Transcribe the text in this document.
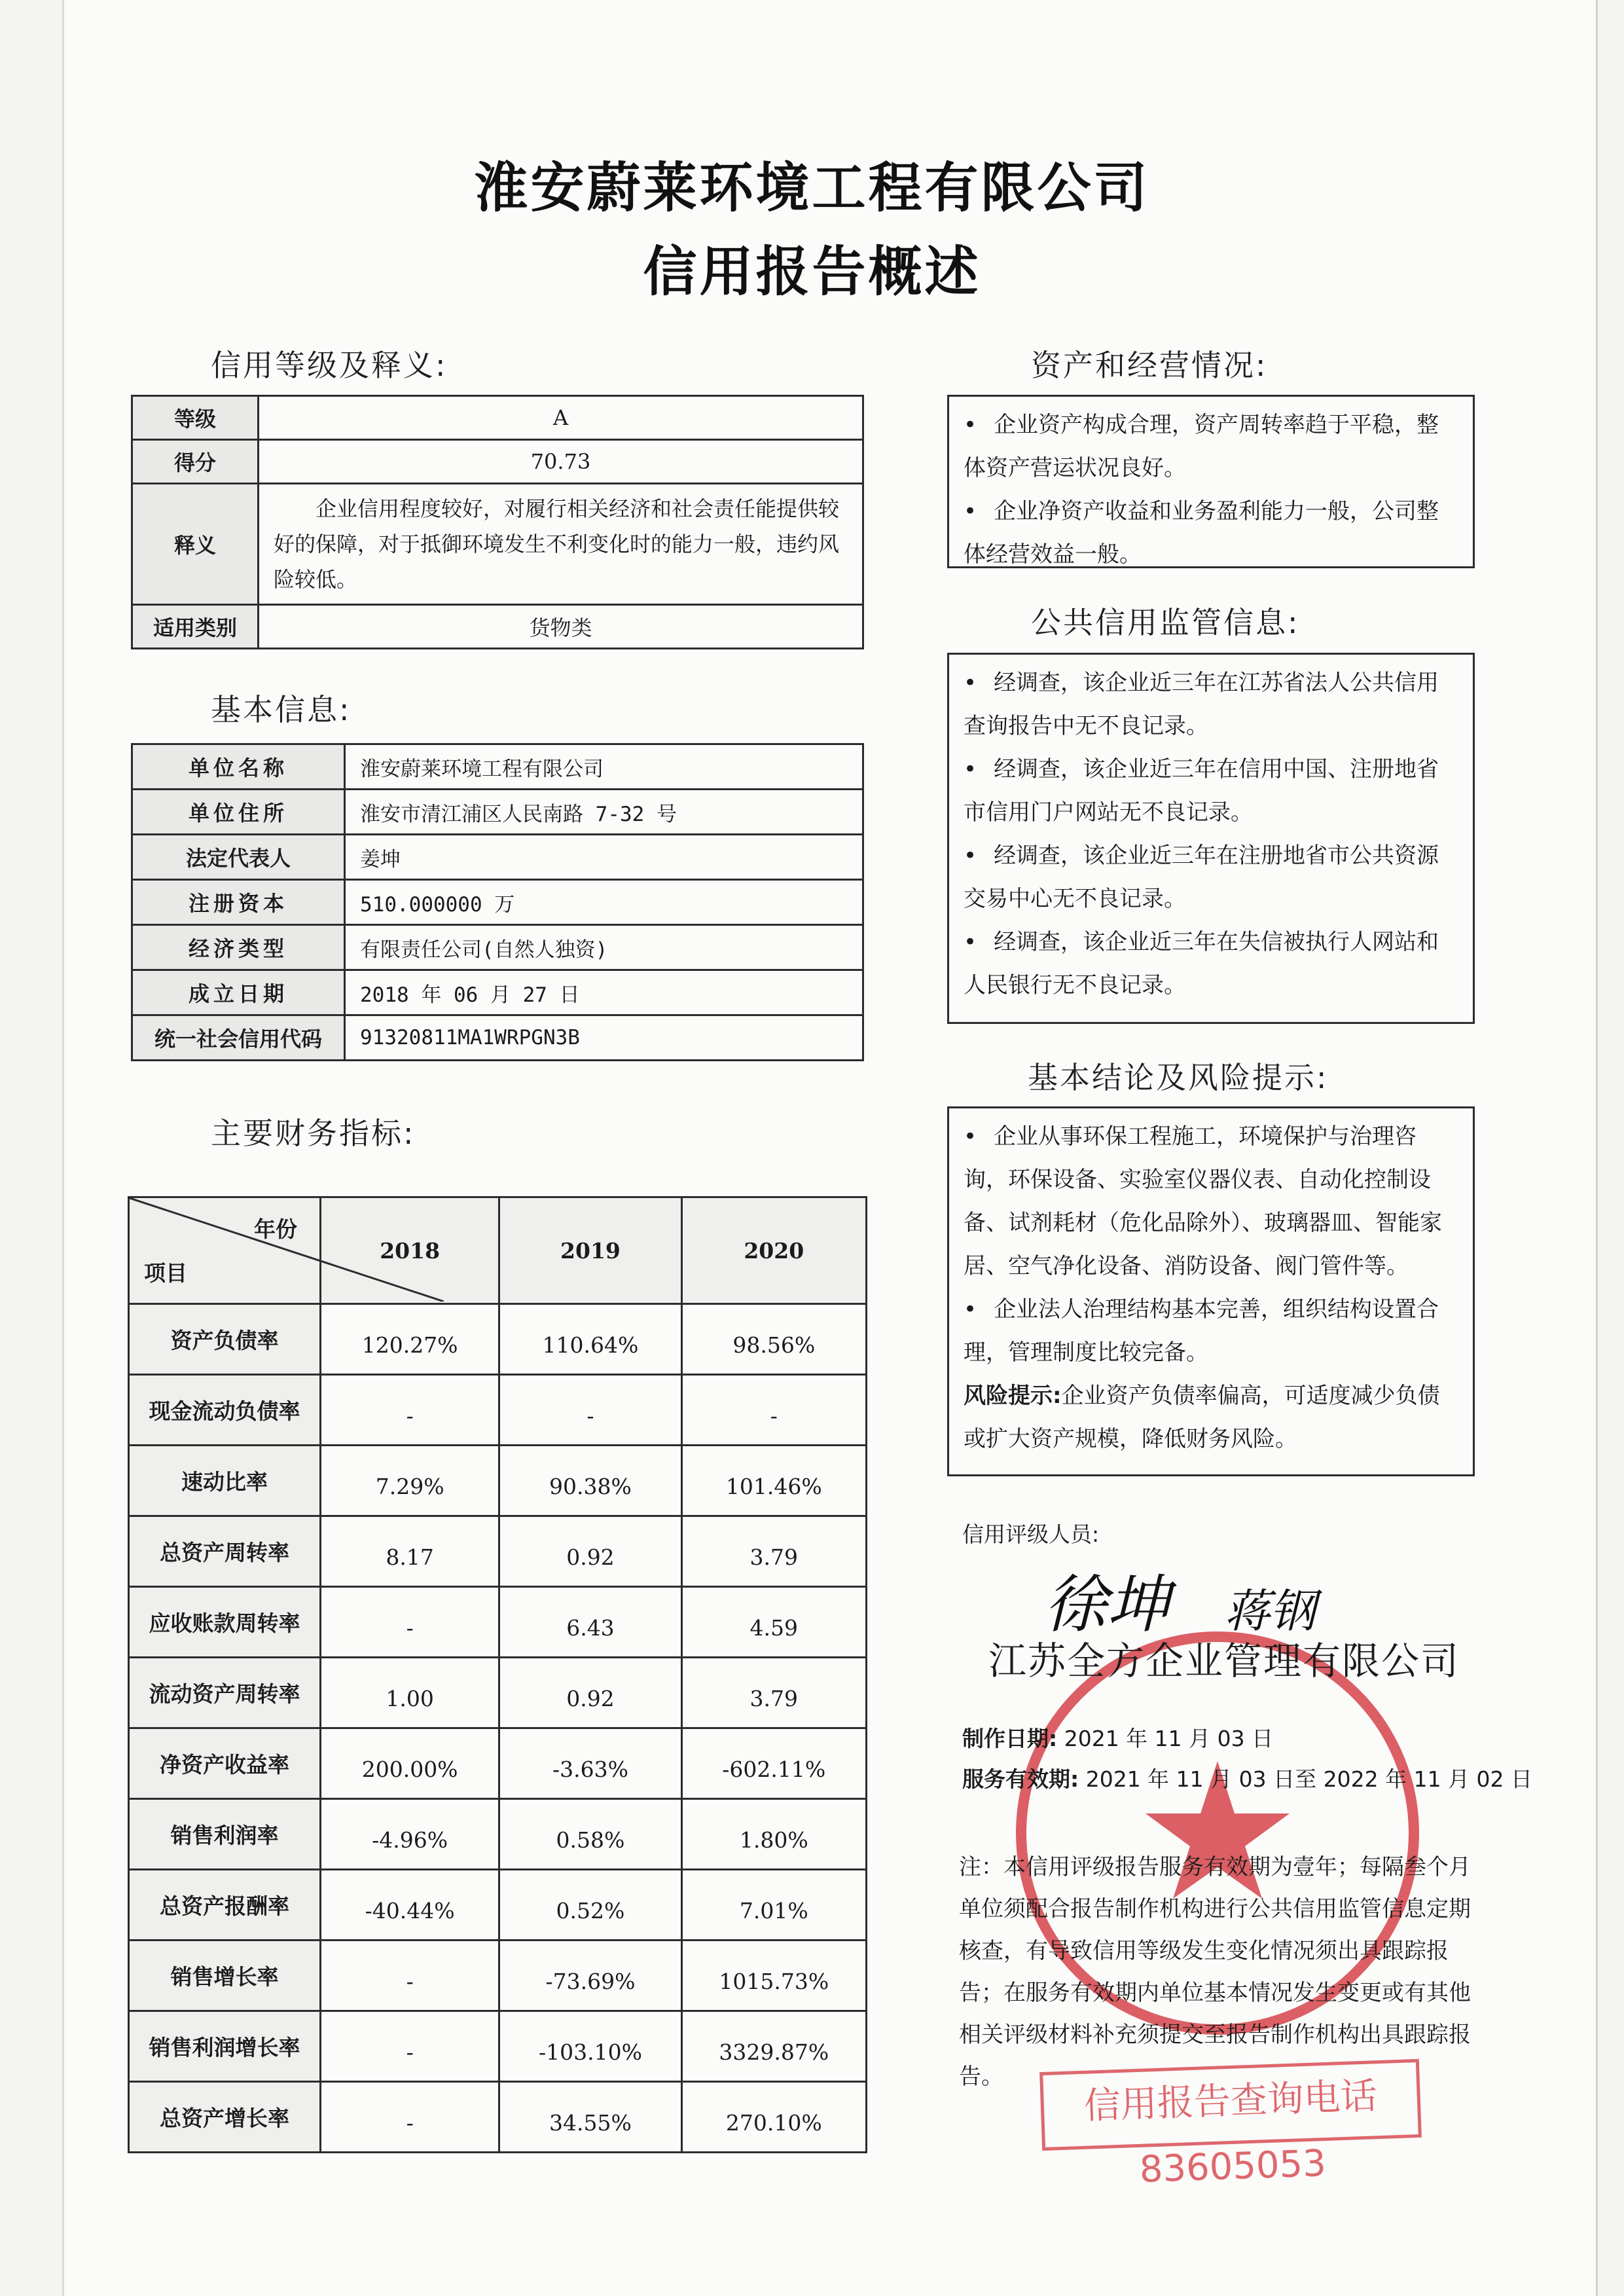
淮安蔚莱环境工程有限公司
信用报告概述
信用等级及释义:
等级	A
得分	70.73
释义	企业信用程度较好，对履行相关经济和社会责任能提供较好的保障，对于抵御环境发生不利变化时的能力一般，违约风险较低。

适用类别	货物类
基本信息:
单位名称	淮安蔚莱环境工程有限公司
单位住所	淮安市清江浦区人民南路 7-32 号
法定代表人	姜坤
注册资本	510.000000 万
经济类型	有限责任公司(自然人独资)
成立日期	2018 年 06 月 27 日
统一社会信用代码	91320811MA1WRPGN3B
主要财务指标:
年份
项目	2018	2019	2020
资产负债率	120.27%	110.64%	98.56%
现金流动负债率	-	-	-
速动比率	7.29%	90.38%	101.46%
总资产周转率	8.17	0.92	3.79
应收账款周转率	-	6.43	4.59
流动资产周转率	1.00	0.92	3.79
净资产收益率	200.00%	-3.63%	-602.11%
销售利润率	-4.96%	0.58%	1.80%
总资产报酬率	-40.44%	0.52%	7.01%
销售增长率	-	-73.69%	1015.73%
销售利润增长率	-	-103.10%	3329.87%
总资产增长率	-	34.55%	270.10%
资产和经营情况:

• 企业资产构成合理，资产周转率趋于平稳，整体资产营运状况良好。

• 企业净资产收益和业务盈利能力一般，公司整体经营效益一般。

公共信用监管信息:

• 经调查，该企业近三年在江苏省法人公共信用查询报告中无不良记录。

• 经调查，该企业近三年在信用中国、注册地省市信用门户网站无不良记录。

• 经调查，该企业近三年在注册地省市公共资源交易中心无不良记录。

• 经调查，该企业近三年在失信被执行人网站和人民银行无不良记录。

基本结论及风险提示:

• 企业从事环保工程施工，环境保护与治理咨询，环保设备、实验室仪器仪表、自动化控制设备、试剂耗材（危化品除外）、玻璃器皿、智能家居、空气净化设备、消防设备、阀门管件等。

• 企业法人治理结构基本完善，组织结构设置合理，管理制度比较完备。

风险提示:企业资产负债率偏高，可适度减少负债或扩大资产规模，降低财务风险。

信用评级人员:
徐坤 蒋钢
江苏全方企业管理有限公司
制作日期: 2021 年 11 月 03 日
服务有效期: 2021 年 11 月 03 日至 2022 年 11 月 02 日
注：本信用评级报告服务有效期为壹年；每隔叁个月单位须配合报告制作机构进行公共信用监管信息定期核查，有导致信用等级发生变化情况须出具跟踪报告；在服务有效期内单位基本情况发生变更或有其他相关评级材料补充须提交至报告制作机构出具跟踪报告。	信用报告查询电话 83605053
